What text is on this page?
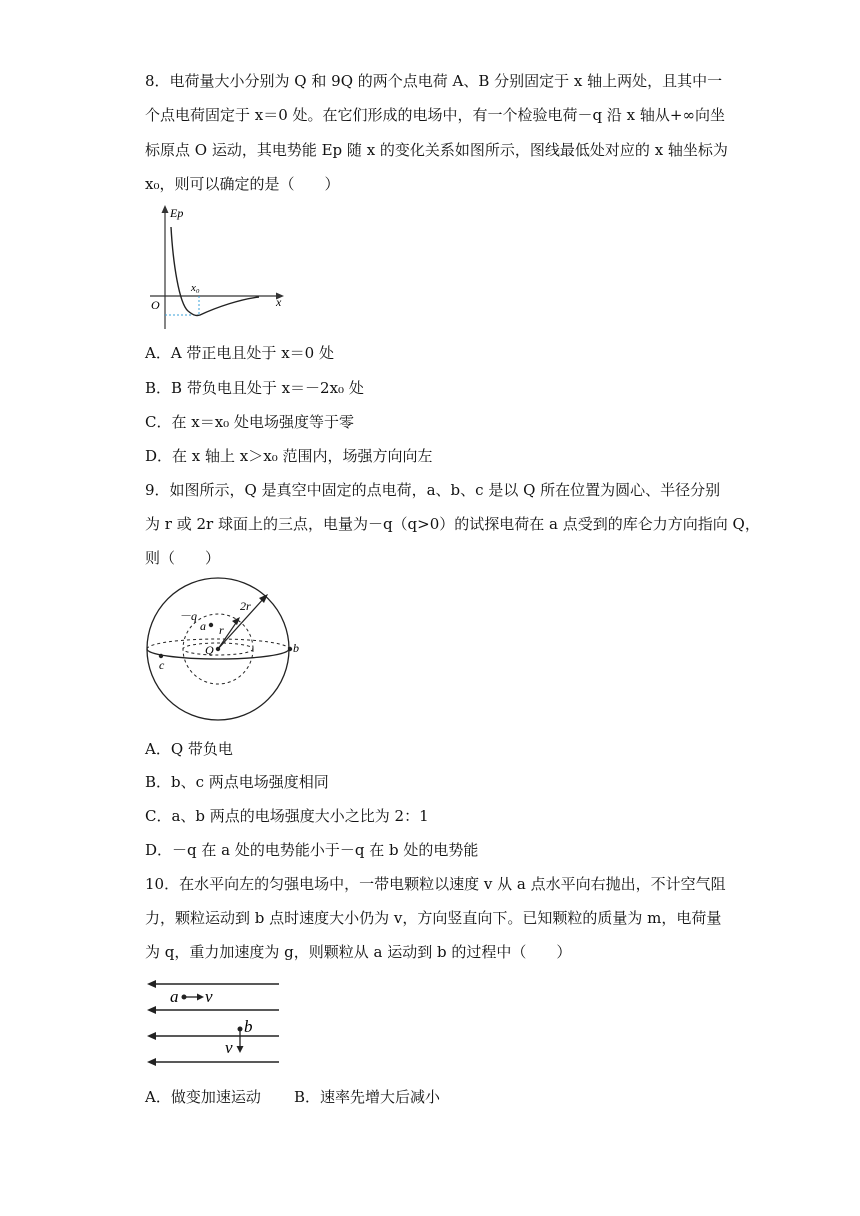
8．电荷量大小分别为 Q 和 9Q 的两个点电荷 A、B 分别固定于 x 轴上两处，且其中一
个点电荷固定于 x＝0 处。在它们形成的电场中，有一个检验电荷－q 沿 x 轴从+∞向坐
标原点 O 运动，其电势能 Ep 随 x 的变化关系如图所示，图线最低处对应的 x 轴坐标为
x₀，则可以确定的是（　　）
Ep
x
O
x₀
A．A 带正电且处于 x＝0 处
B．B 带负电且处于 x＝－2x₀ 处
C．在 x＝x₀ 处电场强度等于零
D．在 x 轴上 x＞x₀ 范围内，场强方向向左
9．如图所示，Q 是真空中固定的点电荷，a、b、c 是以 Q 所在位置为圆心、半径分别
为 r 或 2r 球面上的三点，电量为－q（q>0）的试探电荷在 a 点受到的库仑力方向指向 Q，
则（　　）
－q
a
b
c
Q
r
2r
A．Q 带负电
B．b、c 两点电场强度相同
C．a、b 两点的电场强度大小之比为 2：1
D．－q 在 a 处的电势能小于－q 在 b 处的电势能
10．在水平向左的匀强电场中，一带电颗粒以速度 v 从 a 点水平向右抛出，不计空气阻
力，颗粒运动到 b 点时速度大小仍为 v，方向竖直向下。已知颗粒的质量为 m，电荷量
为 q，重力加速度为 g，则颗粒从 a 运动到 b 的过程中（　　）
a v
b
v
A．做变加速运动 B．速率先增大后减小
